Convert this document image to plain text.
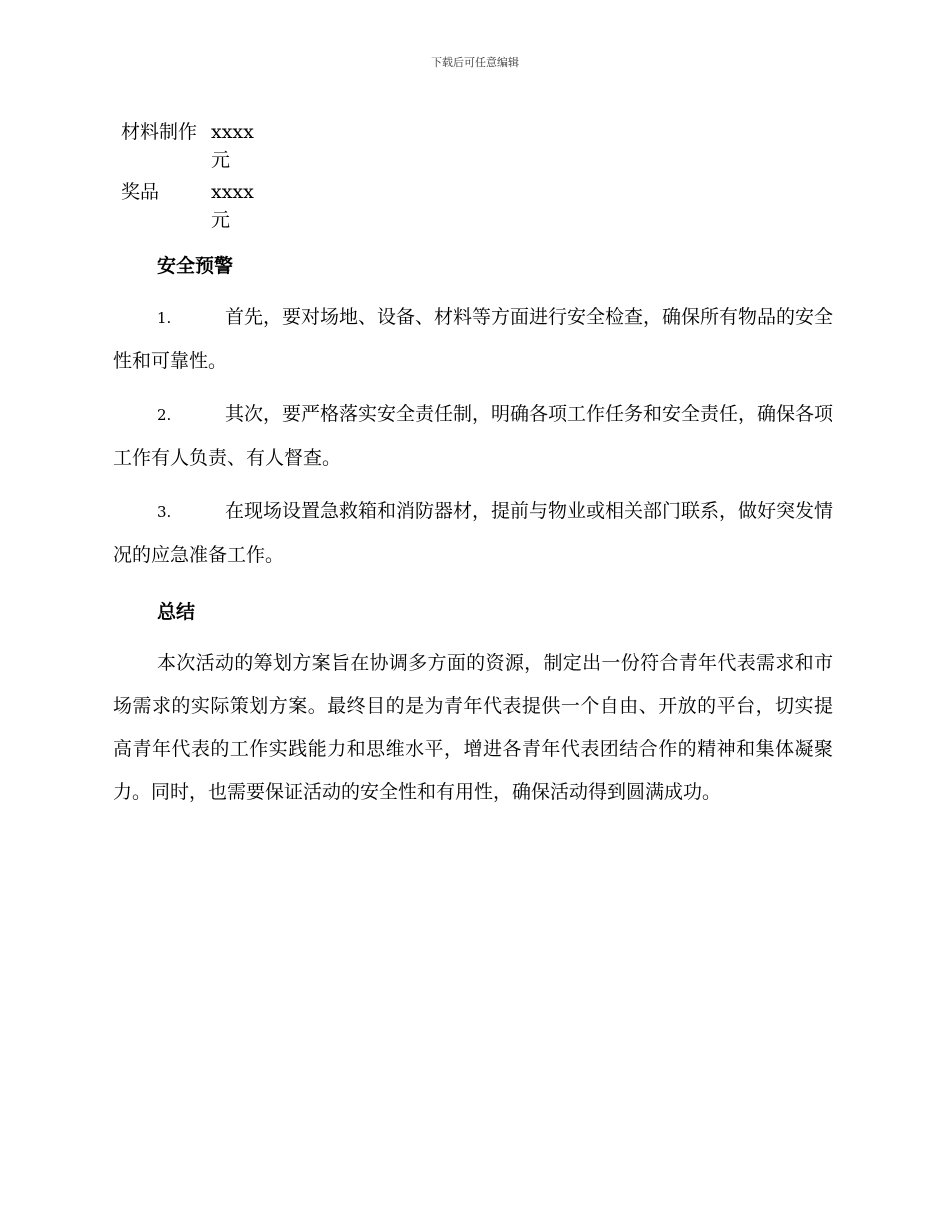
下载后可任意编辑
材料制作	xxxx元
奖品	xxxx元
安全预警
1.	首先，要对场地、设备、材料等方面进行安全检查，确保所有物品的安全性和可靠性。
2.	其次，要严格落实安全责任制，明确各项工作任务和安全责任，确保各项工作有人负责、有人督查。
3.	在现场设置急救箱和消防器材，提前与物业或相关部门联系，做好突发情况的应急准备工作。
总结
本次活动的筹划方案旨在协调多方面的资源，制定出一份符合青年代表需求和市场需求的实际策划方案。最终目的是为青年代表提供一个自由、开放的平台，切实提高青年代表的工作实践能力和思维水平，增进各青年代表团结合作的精神和集体凝聚力。同时，也需要保证活动的安全性和有用性，确保活动得到圆满成功。
